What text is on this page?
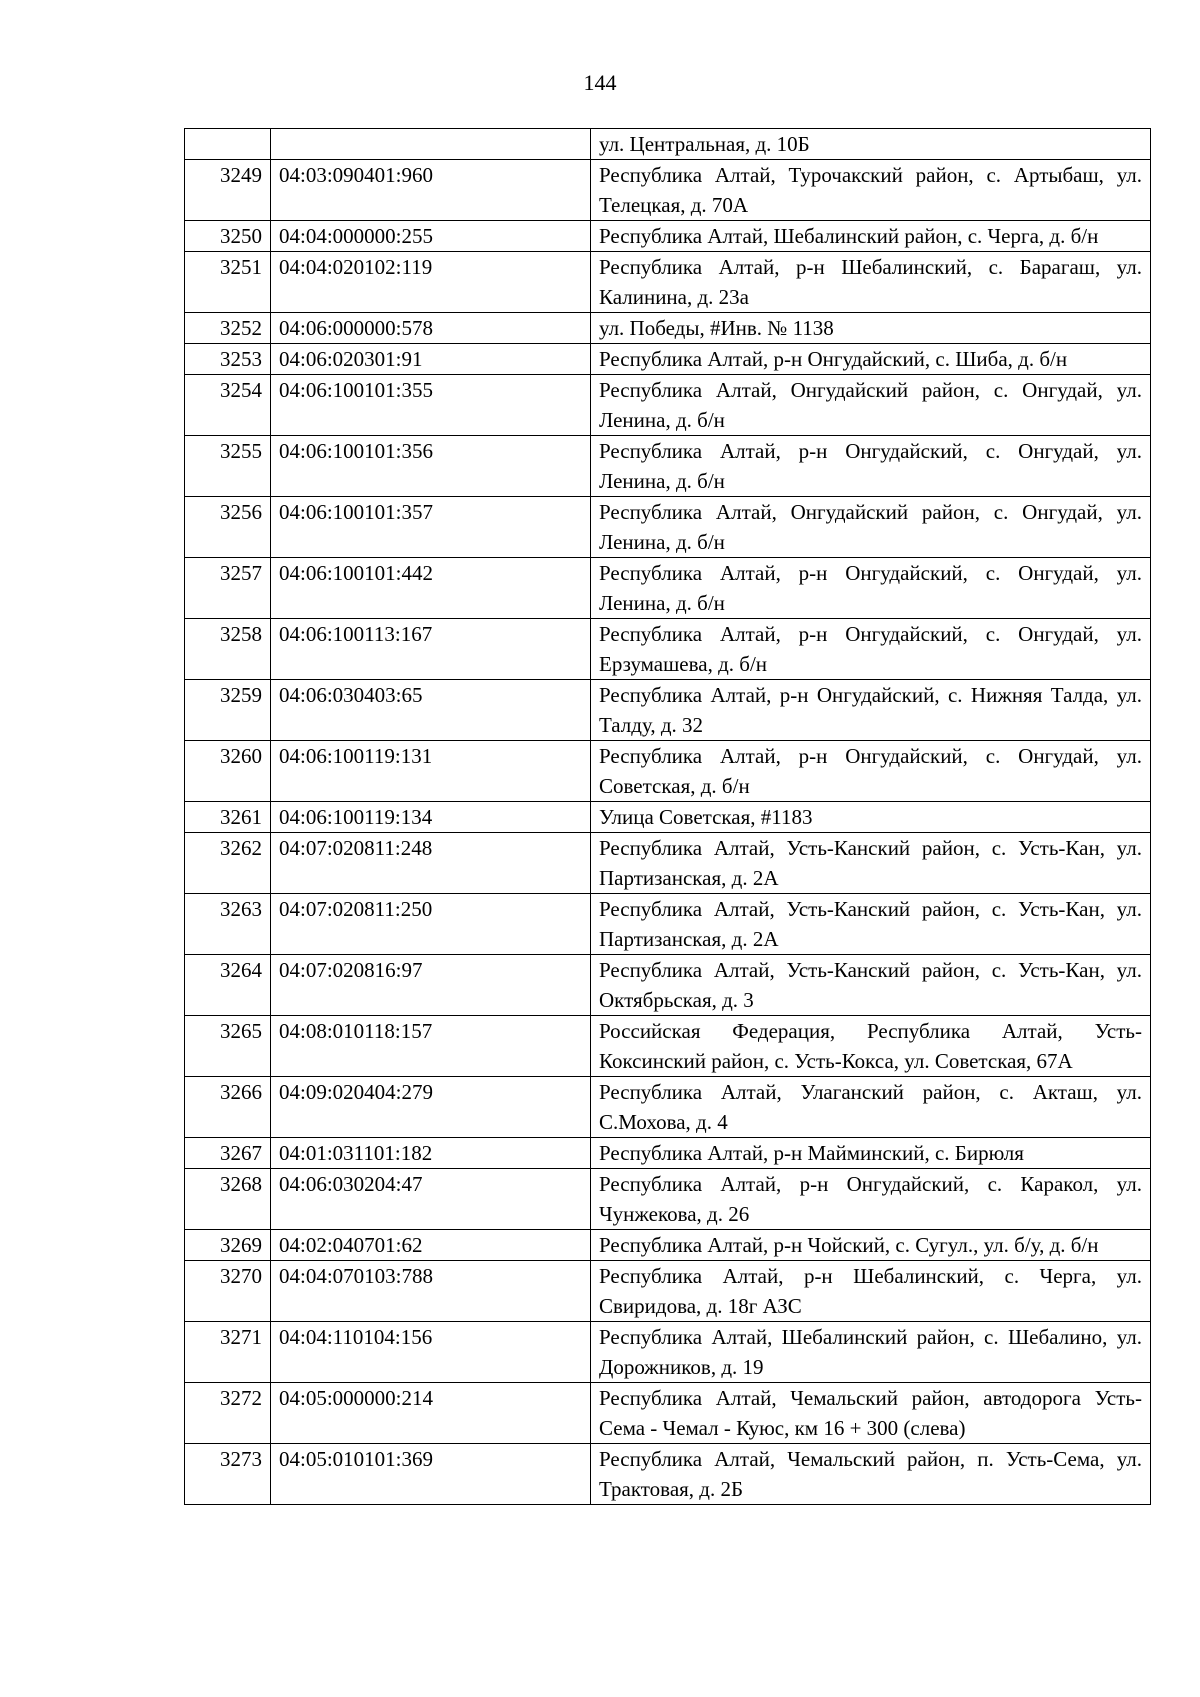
144
		ул. Центральная, д. 10Б
3249	04:03:090401:960	Республика Алтай, Турочакский район, с. Артыбаш, ул. Телецкая, д. 70А
3250	04:04:000000:255	Республика Алтай, Шебалинский район, с. Черга, д. б/н
3251	04:04:020102:119	Республика Алтай, р-н Шебалинский, с. Барагаш, ул. Калинина, д. 23а
3252	04:06:000000:578	ул. Победы, #Инв. № 1138
3253	04:06:020301:91	Республика Алтай, р-н Онгудайский, с. Шиба, д. б/н
3254	04:06:100101:355	Республика Алтай, Онгудайский район, с. Онгудай, ул. Ленина, д. б/н
3255	04:06:100101:356	Республика Алтай, р-н Онгудайский, с. Онгудай, ул. Ленина, д. б/н
3256	04:06:100101:357	Республика Алтай, Онгудайский район, с. Онгудай, ул. Ленина, д. б/н
3257	04:06:100101:442	Республика Алтай, р-н Онгудайский, с. Онгудай, ул. Ленина, д. б/н
3258	04:06:100113:167	Республика Алтай, р-н Онгудайский, с. Онгудай, ул. Ерзумашева, д. б/н
3259	04:06:030403:65	Республика Алтай, р-н Онгудайский, с. Нижняя Талда, ул. Талду, д. 32
3260	04:06:100119:131	Республика Алтай, р-н Онгудайский, с. Онгудай, ул. Советская, д. б/н
3261	04:06:100119:134	Улица Советская, #1183
3262	04:07:020811:248	Республика Алтай, Усть-Канский район, с. Усть-Кан, ул. Партизанская, д. 2А
3263	04:07:020811:250	Республика Алтай, Усть-Канский район, с. Усть-Кан, ул. Партизанская, д. 2А
3264	04:07:020816:97	Республика Алтай, Усть-Канский район, с. Усть-Кан, ул. Октябрьская, д. 3
3265	04:08:010118:157	Российская Федерация, Республика Алтай, Усть-Коксинский район, с. Усть-Кокса, ул. Советская, 67А
3266	04:09:020404:279	Республика Алтай, Улаганский район, с. Акташ, ул. С.Мохова, д. 4
3267	04:01:031101:182	Республика Алтай, р-н Майминский, с. Бирюля
3268	04:06:030204:47	Республика Алтай, р-н Онгудайский, с. Каракол, ул. Чунжекова, д. 26
3269	04:02:040701:62	Республика Алтай, р-н Чойский, с. Сугул., ул. б/у, д. б/н
3270	04:04:070103:788	Республика Алтай, р-н Шебалинский, с. Черга, ул. Свиридова, д. 18г АЗС
3271	04:04:110104:156	Республика Алтай, Шебалинский район, с. Шебалино, ул. Дорожников, д. 19
3272	04:05:000000:214	Республика Алтай, Чемальский район, автодорога Усть-Сема - Чемал - Куюс, км 16 + 300 (слева)
3273	04:05:010101:369	Республика Алтай, Чемальский район, п. Усть-Сема, ул. Трактовая, д. 2Б
